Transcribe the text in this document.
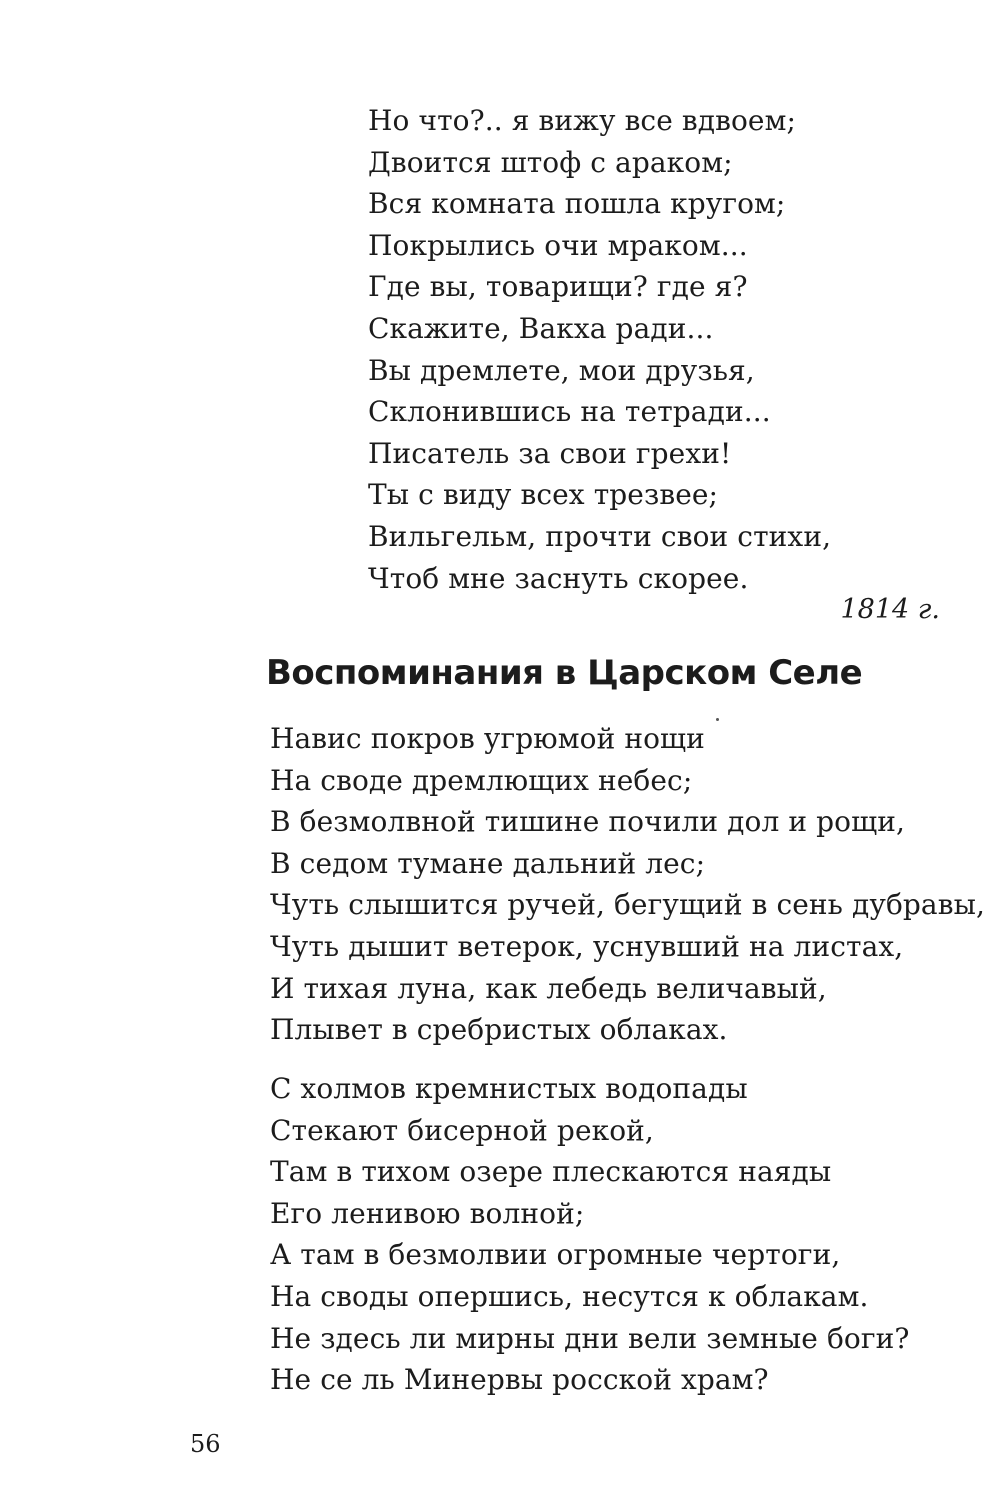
Но что?.. я вижу все вдвоем;
Двоится штоф с араком;
Вся комната пошла кругом;
Покрылись очи мраком...
Где вы, товарищи? где я?
Скажите, Вакха ради...
Вы дремлете, мои друзья,
Склонившись на тетради...
Писатель за свои грехи!
Ты с виду всех трезвее;
Вильгельм, прочти свои стихи,
Чтоб мне заснуть скорее.
1814 г.
Воспоминания в Царском Селе
Навис покров угрюмой нощи
На своде дремлющих небес;
В безмолвной тишине почили дол и рощи,
В седом тумане дальний лес;
Чуть слышится ручей, бегущий в сень дубравы,
Чуть дышит ветерок, уснувший на листах,
И тихая луна, как лебедь величавый,
Плывет в сребристых облаках.
С холмов кремнистых водопады
Стекают бисерной рекой,
Там в тихом озере плескаются наяды
Его ленивою волной;
А там в безмолвии огромные чертоги,
На своды опершись, несутся к облакам.
Не здесь ли мирны дни вели земные боги?
Не се ль Минервы росской храм?
56
